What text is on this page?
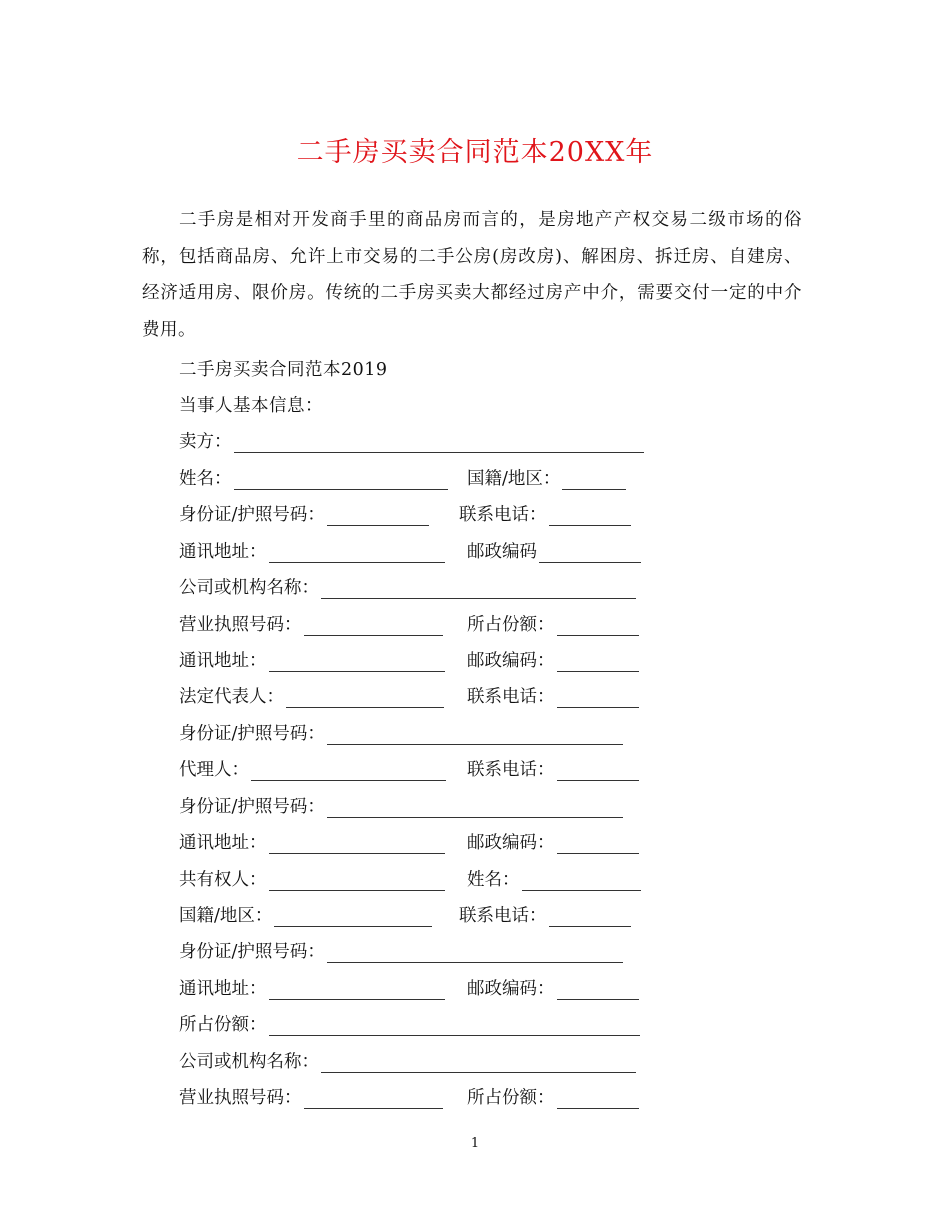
二手房买卖合同范本20XX年

二手房是相对开发商手里的商品房而言的，是房地产产权交易二级市场的俗称，包括商品房、允许上市交易的二手公房(房改房)、解困房、拆迁房、自建房、经济适用房、限价房。传统的二手房买卖大都经过房产中介，需要交付一定的中介费用。

二手房买卖合同范本2019
当事人基本信息：
卖方：
姓名：	国籍/地区：
身份证/护照号码：	联系电话：
通讯地址：	邮政编码
公司或机构名称：
营业执照号码：	所占份额：
通讯地址：	邮政编码：
法定代表人：	联系电话：
身份证/护照号码：
代理人：	联系电话：
身份证/护照号码：
通讯地址：	邮政编码：
共有权人：	姓名：
国籍/地区：	联系电话：
身份证/护照号码：
通讯地址：	邮政编码：
所占份额：
公司或机构名称：
营业执照号码：	所占份额：
1
